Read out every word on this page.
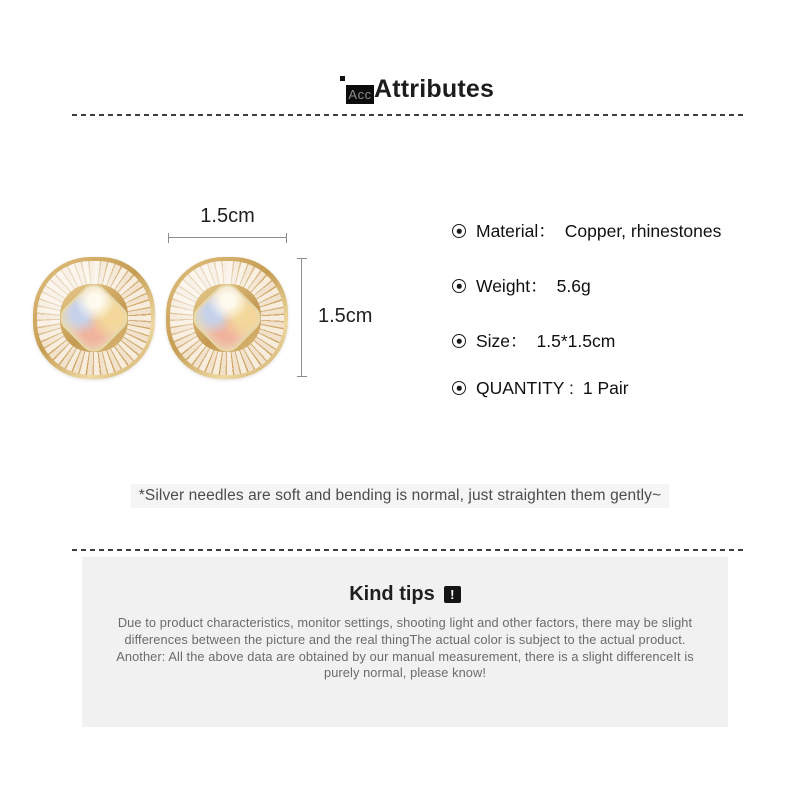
Acc Attributes
1.5cm
1.5cm
Material： Copper, rhinestones
Weight： 5.6g
Size： 1.5*1.5cm
QUANTITY : 1 Pair
*Silver needles are soft and bending is normal, just straighten them gently~
Kind tips	!
Due to product characteristics, monitor settings, shooting light and other factors, there may be slight differences between the picture and the real thingThe actual color is subject to the actual product. Another: All the above data are obtained by our manual measurement, there is a slight differenceIt is purely normal, please know!
